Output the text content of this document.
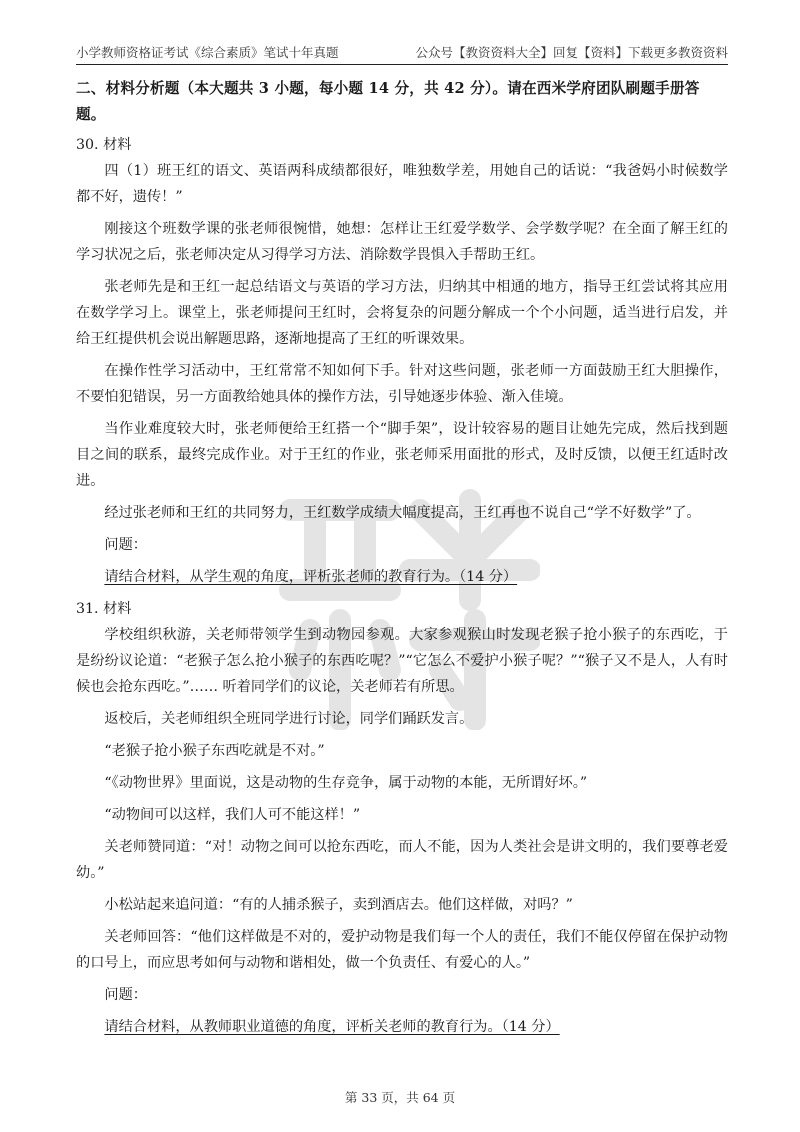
小学教师资格证考试《综合素质》笔试十年真题	公众号【教资资料大全】回复【资料】下载更多教资资料
二、材料分析题（本大题共 3 小题，每小题 14 分，共 42 分）。请在西米学府团队刷题手册答题。
30. 材料

四（1）班王红的语文、英语两科成绩都很好，唯独数学差，用她自己的话说：“我爸妈小时候数学都不好，遗传！”

刚接这个班数学课的张老师很惋惜，她想：怎样让王红爱学数学、会学数学呢？在全面了解王红的学习状况之后，张老师决定从习得学习方法、消除数学畏惧入手帮助王红。

张老师先是和王红一起总结语文与英语的学习方法，归纳其中相通的地方，指导王红尝试将其应用在数学学习上。课堂上，张老师提问王红时，会将复杂的问题分解成一个个小问题，适当进行启发，并给王红提供机会说出解题思路，逐渐地提高了王红的听课效果。

在操作性学习活动中，王红常常不知如何下手。针对这些问题，张老师一方面鼓励王红大胆操作，不要怕犯错误，另一方面教给她具体的操作方法，引导她逐步体验、渐入佳境。

当作业难度较大时，张老师便给王红搭一个“脚手架”，设计较容易的题目让她先完成，然后找到题目之间的联系，最终完成作业。对于王红的作业，张老师采用面批的形式，及时反馈，以便王红适时改进。

经过张老师和王红的共同努力，王红数学成绩大幅度提高，王红再也不说自己“学不好数学”了。

问题：

请结合材料，从学生观的角度，评析张老师的教育行为。（14 分）

31. 材料

学校组织秋游，关老师带领学生到动物园参观。大家参观猴山时发现老猴子抢小猴子的东西吃，于是纷纷议论道：“老猴子怎么抢小猴子的东西吃呢？”“它怎么不爱护小猴子呢？”“猴子又不是人，人有时候也会抢东西吃。”…… 听着同学们的议论，关老师若有所思。

返校后，关老师组织全班同学进行讨论，同学们踊跃发言。

“老猴子抢小猴子东西吃就是不对。”

“《动物世界》里面说，这是动物的生存竞争，属于动物的本能，无所谓好坏。”

“动物间可以这样，我们人可不能这样！”

关老师赞同道：“对！动物之间可以抢东西吃，而人不能，因为人类社会是讲文明的，我们要尊老爱幼。”

小松站起来追问道：“有的人捕杀猴子，卖到酒店去。他们这样做，对吗？”

关老师回答：“他们这样做是不对的，爱护动物是我们每一个人的责任，我们不能仅停留在保护动物的口号上，而应思考如何与动物和谐相处，做一个负责任、有爱心的人。”

问题：

请结合材料，从教师职业道德的角度，评析关老师的教育行为。（14 分）

第 33 页，共 64 页
